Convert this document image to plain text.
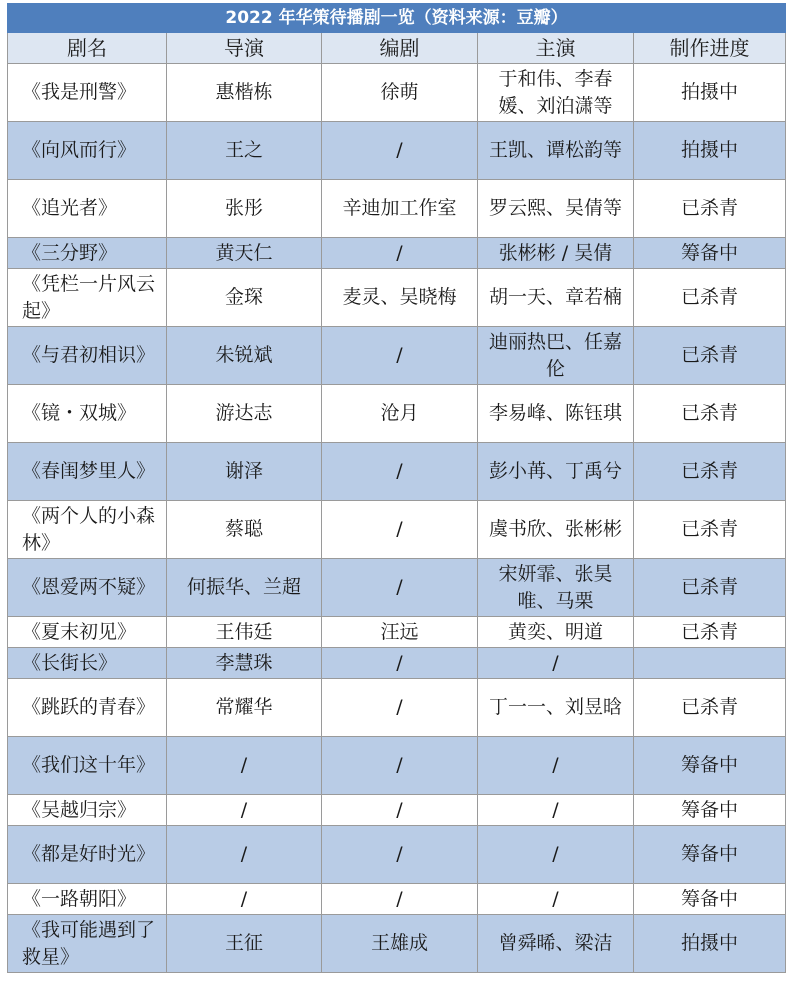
2022 年华策待播剧一览（资料来源：豆瓣）				
剧名	导演	编剧	主演	制作进度
《我是刑警》	惠楷栋	徐萌	于和伟、李春媛、刘泊潇等	拍摄中
《向风而行》	王之	/	王凯、谭松韵等	拍摄中
《追光者》	张彤	辛迪加工作室	罗云熙、吴倩等	已杀青
《三分野》	黄天仁	/	张彬彬 / 吴倩	筹备中
《凭栏一片风云起》	金琛	麦灵、吴晓梅	胡一天、章若楠	已杀青
《与君初相识》	朱锐斌	/	迪丽热巴、任嘉伦	已杀青
《镜・双城》	游达志	沧月	李易峰、陈钰琪	已杀青
《春闺梦里人》	谢泽	/	彭小苒、丁禹兮	已杀青
《两个人的小森林》	蔡聪	/	虞书欣、张彬彬	已杀青
《恩爱两不疑》	何振华、兰超	/	宋妍霏、张昊唯、马栗	已杀青
《夏末初见》	王伟廷	汪远	黄奕、明道	已杀青
《长街长》	李慧珠	/	/	
《跳跃的青春》	常耀华	/	丁一一、刘昱晗	已杀青
《我们这十年》	/	/	/	筹备中
《吴越归宗》	/	/	/	筹备中
《都是好时光》	/	/	/	筹备中
《一路朝阳》	/	/	/	筹备中
《我可能遇到了救星》	王征	王雄成	曾舜晞、梁洁	拍摄中
